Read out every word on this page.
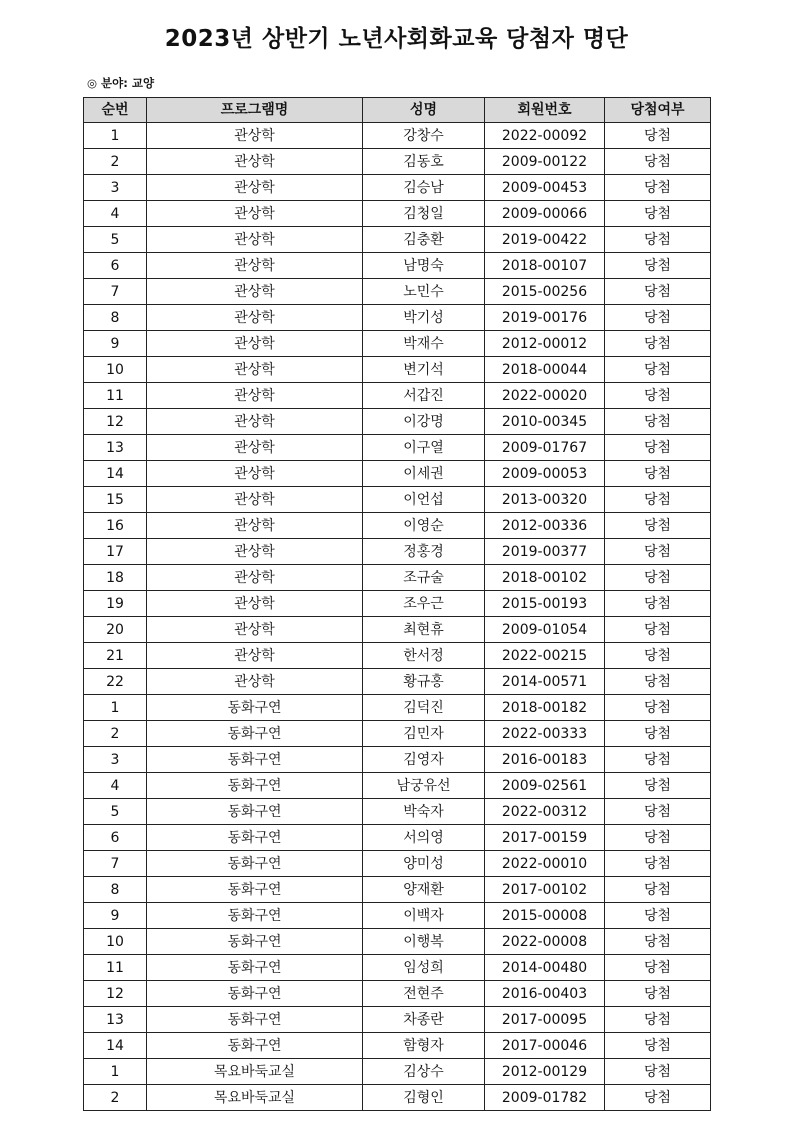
2023년 상반기 노년사회화교육 당첨자 명단
◎ 분야: 교양
순번	프로그램명	성명	회원번호	당첨여부
1	관상학	강창수	2022-00092	당첨
2	관상학	김동호	2009-00122	당첨
3	관상학	김승남	2009-00453	당첨
4	관상학	김청일	2009-00066	당첨
5	관상학	김충환	2019-00422	당첨
6	관상학	남명숙	2018-00107	당첨
7	관상학	노민수	2015-00256	당첨
8	관상학	박기성	2019-00176	당첨
9	관상학	박재수	2012-00012	당첨
10	관상학	변기석	2018-00044	당첨
11	관상학	서갑진	2022-00020	당첨
12	관상학	이강명	2010-00345	당첨
13	관상학	이구열	2009-01767	당첨
14	관상학	이세권	2009-00053	당첨
15	관상학	이언섭	2013-00320	당첨
16	관상학	이영순	2012-00336	당첨
17	관상학	정홍경	2019-00377	당첨
18	관상학	조규술	2018-00102	당첨
19	관상학	조우근	2015-00193	당첨
20	관상학	최현휴	2009-01054	당첨
21	관상학	한서정	2022-00215	당첨
22	관상학	황규홍	2014-00571	당첨
1	동화구연	김덕진	2018-00182	당첨
2	동화구연	김민자	2022-00333	당첨
3	동화구연	김영자	2016-00183	당첨
4	동화구연	남궁유선	2009-02561	당첨
5	동화구연	박숙자	2022-00312	당첨
6	동화구연	서의영	2017-00159	당첨
7	동화구연	양미성	2022-00010	당첨
8	동화구연	양재환	2017-00102	당첨
9	동화구연	이백자	2015-00008	당첨
10	동화구연	이행복	2022-00008	당첨
11	동화구연	임성희	2014-00480	당첨
12	동화구연	전현주	2016-00403	당첨
13	동화구연	차종란	2017-00095	당첨
14	동화구연	함형자	2017-00046	당첨
1	목요바둑교실	김상수	2012-00129	당첨
2	목요바둑교실	김형인	2009-01782	당첨
